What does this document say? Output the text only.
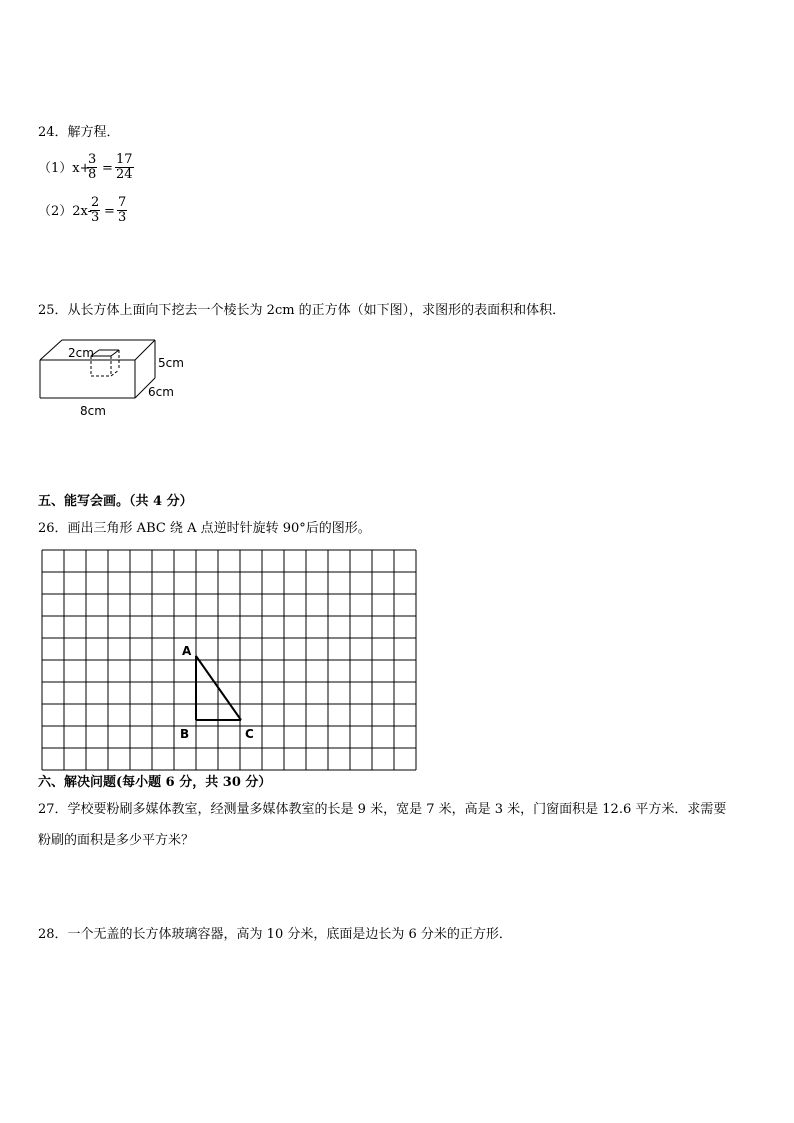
24．解方程．
（1）x+
$\frac{3}{8} = \frac{17}{24}$
（2）2x-
$\frac{2}{3} = \frac{7}{3}$
25．从长方体上面向下挖去一个棱长为 2cm 的正方体（如下图），求图形的表面积和体积．
2cm
5cm
6cm
8cm
A
B	C
五、能写会画。（共 4 分）
26．画出三角形 ABC 绕 A 点逆时针旋转 90°后的图形。
六、解决问题(每小题 6 分，共 30 分）
27．学校要粉刷多媒体教室，经测量多媒体教室的长是 9 米，宽是 7 米，高是 3 米，门窗面积是 12.6 平方米．求需要
粉刷的面积是多少平方米？
28．一个无盖的长方体玻璃容器，高为 10 分米，底面是边长为 6 分米的正方形．
